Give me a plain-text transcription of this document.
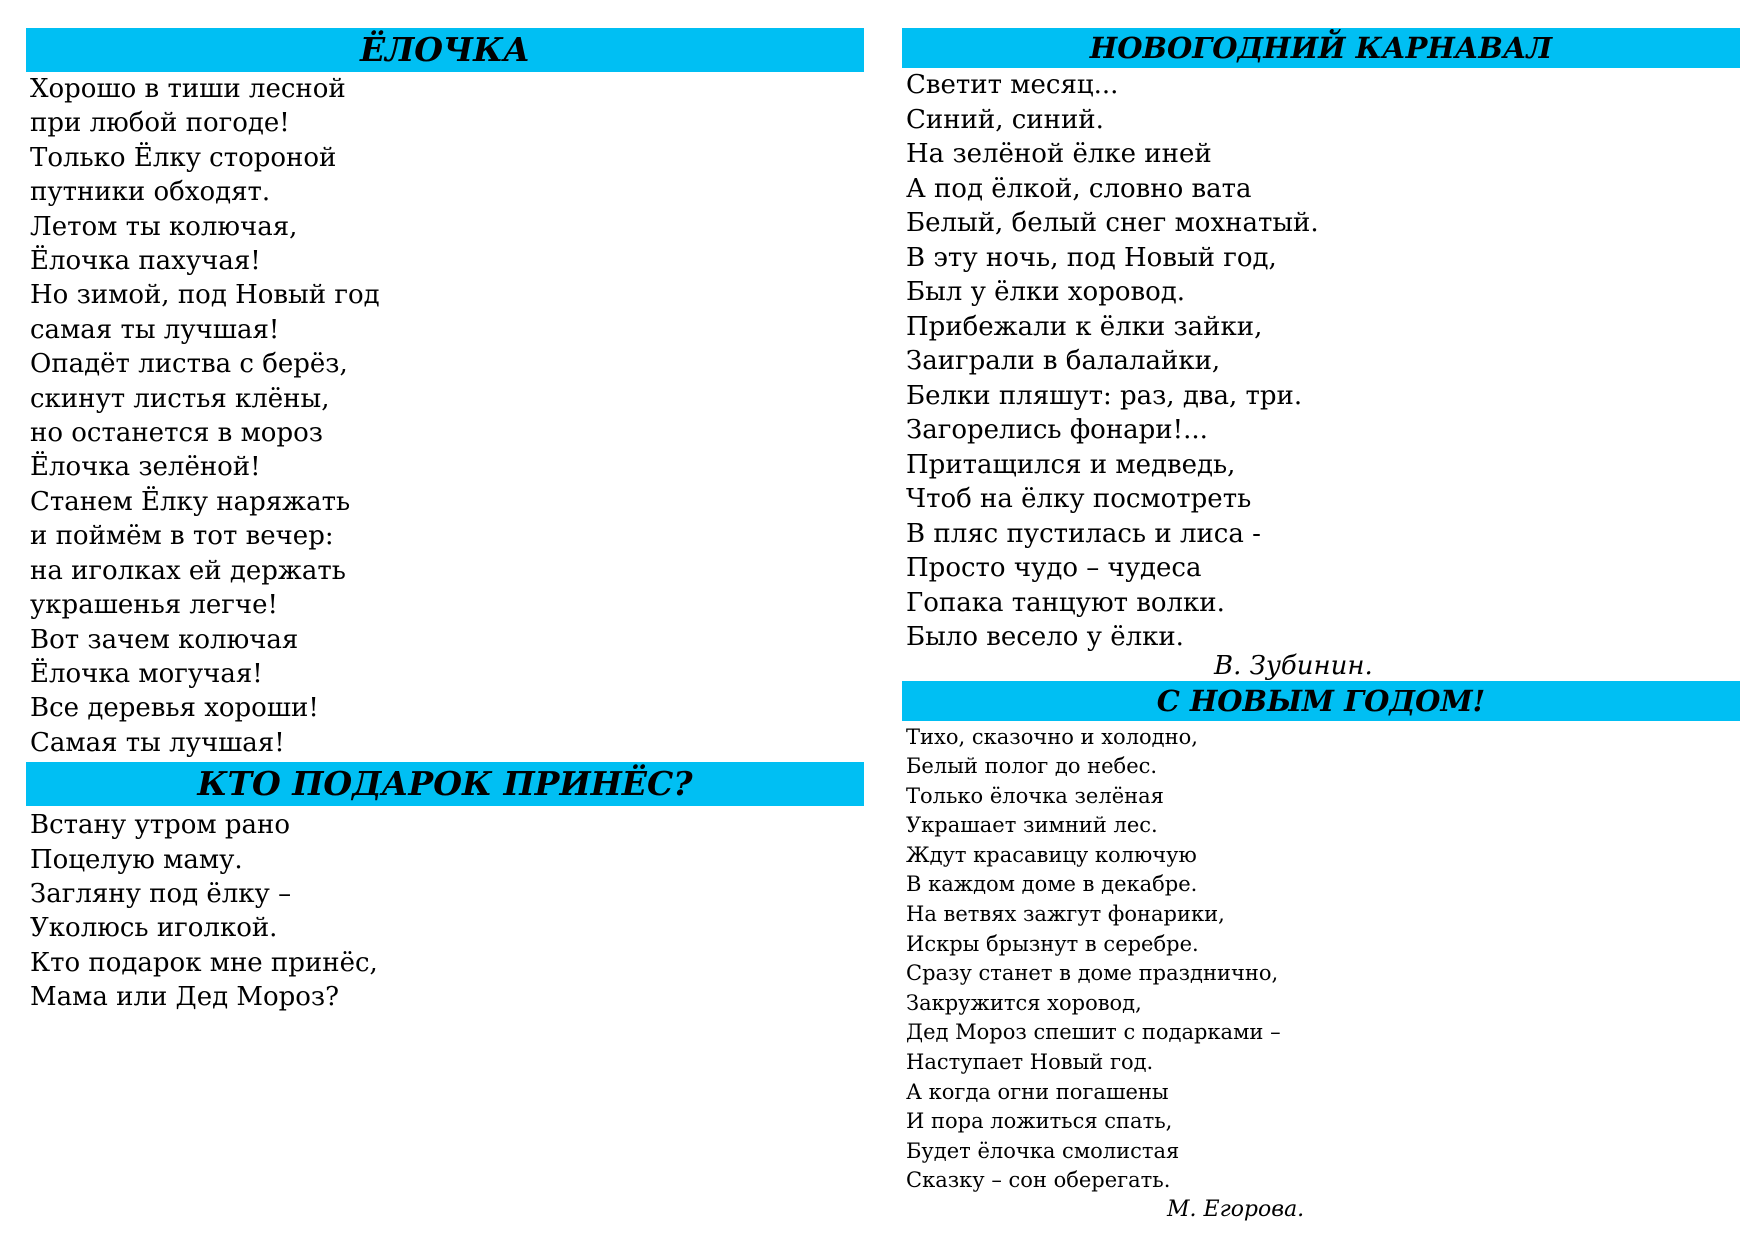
ЁЛОЧКА
Хорошо в тиши лесной
при любой погоде!
Только Ёлку стороной
путники обходят.
Летом ты колючая,
Ёлочка пахучая!
Но зимой, под Новый год
самая ты лучшая!
Опадёт листва с берёз,
скинут листья клёны,
но останется в мороз
Ёлочка зелёной!
Станем Ёлку наряжать
и поймём в тот вечер:
на иголках ей держать
украшенья легче!
Вот зачем колючая
Ёлочка могучая!
Все деревья хороши!
Самая ты лучшая!
КТО ПОДАРОК ПРИНЁС?
Встану утром рано
Поцелую маму.
Загляну под ёлку –
Уколюсь иголкой.
Кто подарок мне принёс,
Мама или Дед Мороз?
НОВОГОДНИЙ КАРНАВАЛ
Светит месяц...
Синий, синий.
На зелёной ёлке иней
А под ёлкой, словно вата
Белый, белый снег мохнатый.
В эту ночь, под Новый год,
Был у ёлки хоровод.
Прибежали к ёлки зайки,
Заиграли в балалайки,
Белки пляшут: раз, два, три.
Загорелись фонари!...
Притащился и медведь,
Чтоб на ёлку посмотреть
В пляс пустилась и лиса -
Просто чудо – чудеса
Гопака танцуют волки.
Было весело у ёлки.
В. Зубинин.
С НОВЫМ ГОДОМ!
Тихо, сказочно и холодно,
Белый полог до небес.
Только ёлочка зелёная
Украшает зимний лес.
Ждут красавицу колючую
В каждом доме в декабре.
На ветвях зажгут фонарики,
Искры брызнут в серебре.
Сразу станет в доме празднично,
Закружится хоровод,
Дед Мороз спешит с подарками –
Наступает Новый год.
А когда огни погашены
И пора ложиться спать,
Будет ёлочка смолистая
Сказку – сон оберегать.
М. Егорова.
